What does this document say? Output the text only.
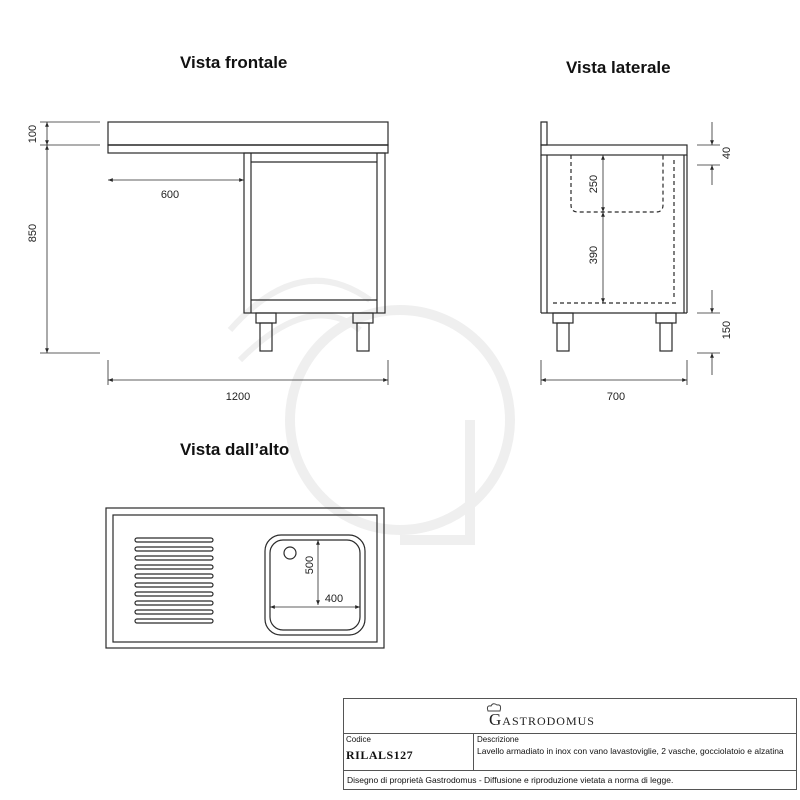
Vista frontale	Vista laterale
Vista dall’alto
100
850
600
1200
40
250
390
150
700
500
400
Gastrodomus
Codice
RILALS127
Descrizione
Lavello armadiato in inox con vano lavastoviglie, 2 vasche, gocciolatoio e alzatina
Disegno di proprietà Gastrodomus - Diffusione e riproduzione vietata a norma di legge.
